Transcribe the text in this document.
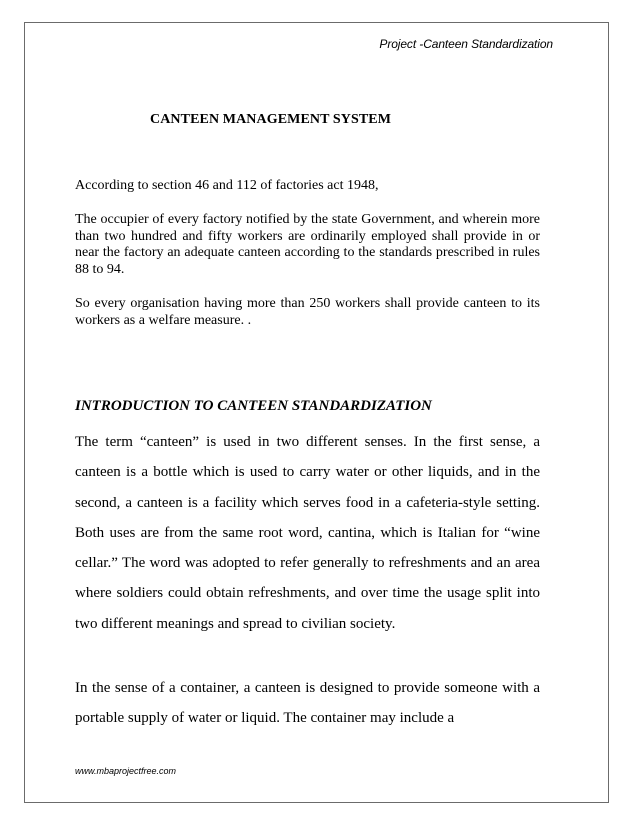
Project -Canteen Standardization
CANTEEN MANAGEMENT SYSTEM

According to section 46 and 112 of factories act 1948,

The occupier of every factory notified by the state Government, and wherein more than two hundred and fifty workers are ordinarily employed shall provide in or near the factory an adequate canteen according to the standards prescribed in rules 88 to 94.

So every organisation having more than 250 workers shall provide canteen to its workers as a welfare measure. .

INTRODUCTION TO CANTEEN STANDARDIZATION

The term “canteen” is used in two different senses. In the first sense, a canteen is a bottle which is used to carry water or other liquids, and in the second, a canteen is a facility which serves food in a cafeteria-style setting. Both uses are from the same root word, cantina, which is Italian for “wine cellar.” The word was adopted to refer generally to refreshments and an area where soldiers could obtain refreshments, and over time the usage split into two different meanings and spread to civilian society.

In the sense of a container, a canteen is designed to provide someone with a portable supply of water or liquid. The container may include a

www.mbaprojectfree.com
